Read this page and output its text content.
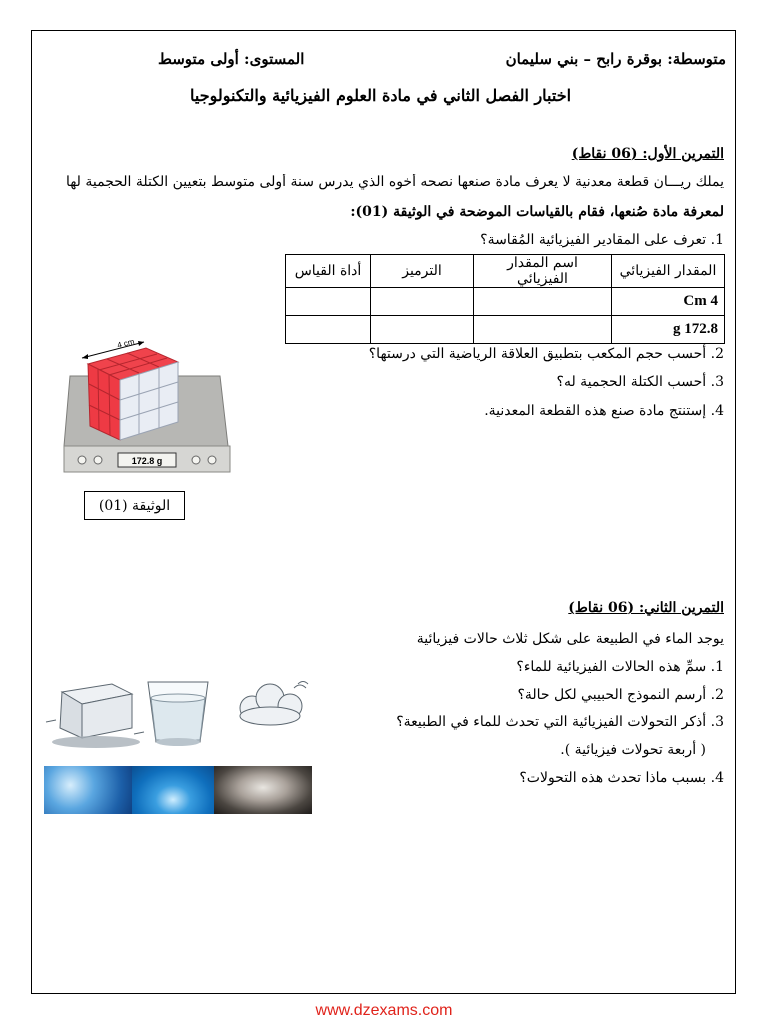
متوسطة: بوقرة رابح – بني سليمان
المستوى: أولى متوسط
اختبار الفصل الثاني في مادة العلوم الفيزيائية والتكنولوجيا
التمرين الأول: (06 نقاط)
يملك ريـــان قطعة معدنية لا يعرف مادة صنعها نصحه أخوه الذي يدرس سنة أولى متوسط بتعيين الكتلة الحجمية لها
لمعرفة مادة صُنعها، فقام بالقياسات الموضحة في الوثيقة (01):
1. تعرف على المقادير الفيزيائية المُقاسة؟
المقدار الفيزيائي	اسم المقدار الفيزيائي	الترميز	أداة القياس
4 Cm			
172.8 g			
2. أحسب حجم المكعب بتطبيق العلاقة الرياضية التي درستها؟
3. أحسب الكتلة الحجمية له؟
4. إستنتج مادة صنع هذه القطعة المعدنية.
172.8 g
4 cm
الوثيقة (01)
التمرين الثاني: (06 نقاط)
يوجد الماء في الطبيعة على شكل ثلاث حالات فيزيائية
1. سمِّ هذه الحالات الفيزيائية للماء؟
2. أرسم النموذج الحبيبي لكل حالة؟
3. أذكر التحولات الفيزيائية التي تحدث للماء في الطبيعة؟
( أربعة تحولات فيزيائية ).
4. بسبب ماذا تحدث هذه التحولات؟
www.dzexams.com
